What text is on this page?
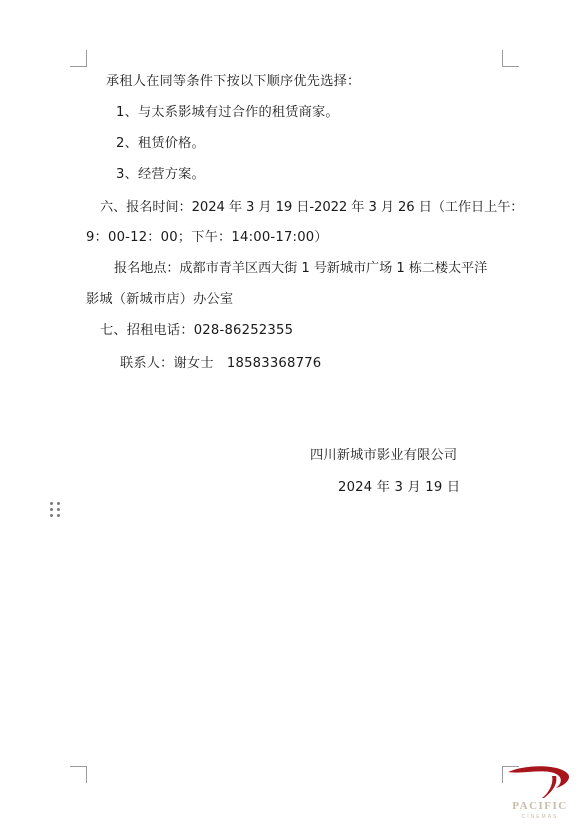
承租人在同等条件下按以下顺序优先选择：
1、与太系影城有过合作的租赁商家。
2、租赁价格。
3、经营方案。
六、报名时间：2024 年 3 月 19 日-2022 年 3 月 26 日（工作日上午：
9：00-12：00；下午：14:00-17:00）
报名地点：成都市青羊区西大街 1 号新城市广场 1 栋二楼太平洋
影城（新城市店）办公室
七、招租电话：028-86252355
联系人：谢女士   18583368776
四川新城市影业有限公司
2024 年 3 月 19 日
PACIFIC
CINEMAS
